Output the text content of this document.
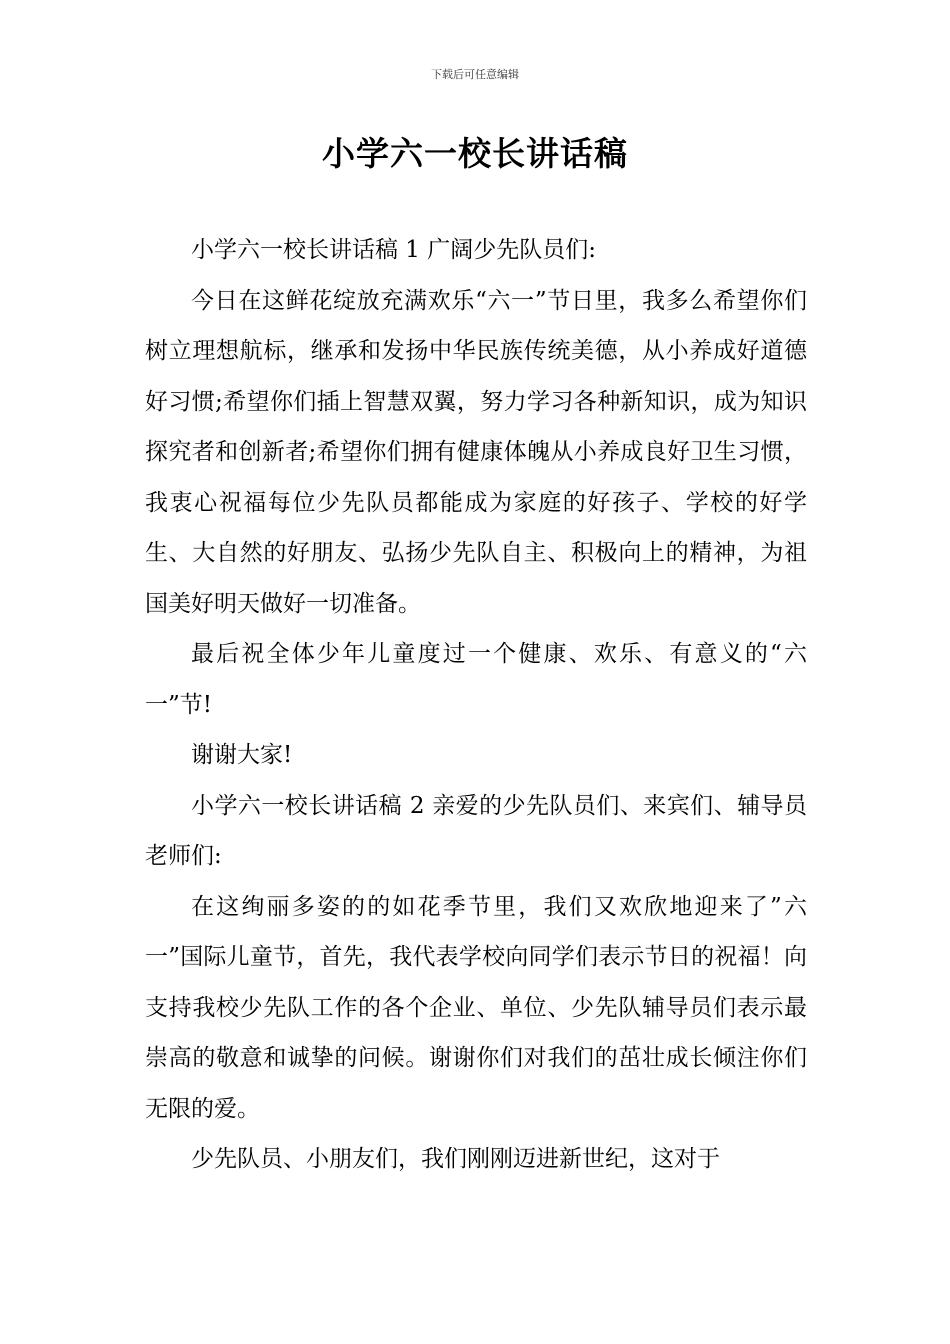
下载后可任意编辑
小学六一校长讲话稿

小学六一校长讲话稿 1 广阔少先队员们:

今日在这鲜花绽放充满欢乐“六一”节日里，我多么希望你们树立理想航标，继承和发扬中华民族传统美德，从小养成好道德好习惯;希望你们插上智慧双翼，努力学习各种新知识，成为知识探究者和创新者;希望你们拥有健康体魄从小养成良好卫生习惯，我衷心祝福每位少先队员都能成为家庭的好孩子、学校的好学生、大自然的好朋友、弘扬少先队自主、积极向上的精神，为祖国美好明天做好一切准备。

最后祝全体少年儿童度过一个健康、欢乐、有意义的“六一”节!

谢谢大家!

小学六一校长讲话稿 2 亲爱的少先队员们、来宾们、辅导员老师们:

在这绚丽多姿的的如花季节里，我们又欢欣地迎来了”六一”国际儿童节，首先，我代表学校向同学们表示节日的祝福！向支持我校少先队工作的各个企业、单位、少先队辅导员们表示最崇高的敬意和诚挚的问候。谢谢你们对我们的茁壮成长倾注你们无限的爱。

少先队员、小朋友们，我们刚刚迈进新世纪，这对于
